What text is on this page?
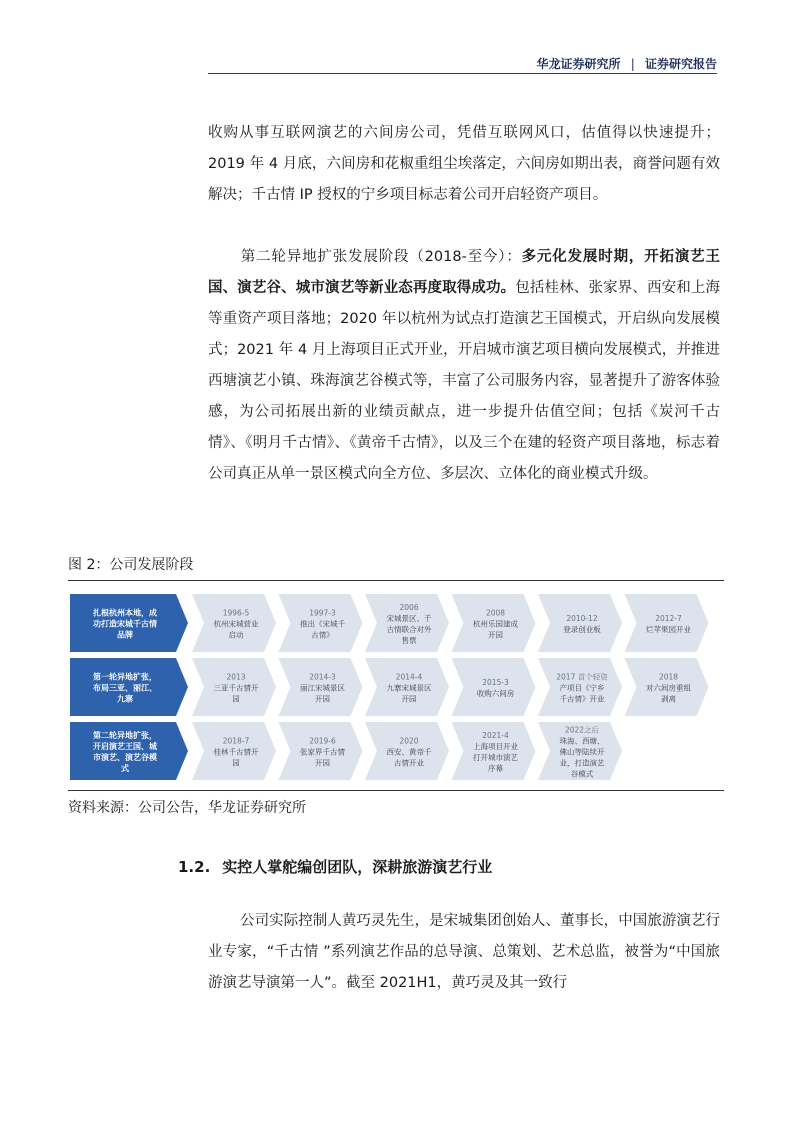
华龙证券研究所 | 证券研究报告
收购从事互联网演艺的六间房公司，凭借互联网风口，估值得以快速提升；2019 年 4 月底，六间房和花椒重组尘埃落定，六间房如期出表，商誉问题有效解决；千古情 IP 授权的宁乡项目标志着公司开启轻资产项目。
第二轮异地扩张发展阶段（2018-至今）：多元化发展时期，开拓演艺王国、演艺谷、城市演艺等新业态再度取得成功。包括桂林、张家界、西安和上海等重资产项目落地；2020 年以杭州为试点打造演艺王国模式，开启纵向发展模式；2021 年 4 月上海项目正式开业，开启城市演艺项目横向发展模式，并推进西塘演艺小镇、珠海演艺谷模式等，丰富了公司服务内容，显著提升了游客体验感，为公司拓展出新的业绩贡献点，进一步提升估值空间；包括《炭河千古情》、《明月千古情》、《黄帝千古情》，以及三个在建的轻资产项目落地，标志着公司真正从单一景区模式向全方位、多层次、立体化的商业模式升级。
图 2：公司发展阶段
扎根杭州本地，成
功打造宋城千古情
品牌
1996-5
杭州宋城营业
启动
1997-3
推出《宋城千
古情》
2006
宋城景区、千
古情联合对外
售票
2008
杭州乐园建成
开园
2010-12
登录创业板
2012-7
烂苹果园开业
第一轮异地扩张，
布局三亚、丽江、
九寨
2013
三亚千古情开
园
2014-3
丽江宋城景区
开园
2014-4
九寨宋城景区
开园
2015-3
收购六间房
2017 首个轻资
产项目《宁乡
千古情》开业
2018
对六间房重组
剥离
第二轮异地扩张，
开启演艺王国、城
市演艺、演艺谷模
式
2018-7
桂林千古情开
园
2019-6
张家界千古情
开园
2020
西安、黄帝千
古情开业
2021-4
上海项目开业
打开城市演艺
序幕
2022之后
珠海、西塘、
佛山等陆续开
业，打造演艺
谷模式
资料来源：公司公告，华龙证券研究所
1.2. 实控人掌舵编创团队，深耕旅游演艺行业
公司实际控制人黄巧灵先生，是宋城集团创始人、董事长，中国旅游演艺行业专家，“千古情 ”系列演艺作品的总导演、总策划、艺术总监，被誉为“中国旅游演艺导演第一人”。截至 2021H1，黄巧灵及其一致行
